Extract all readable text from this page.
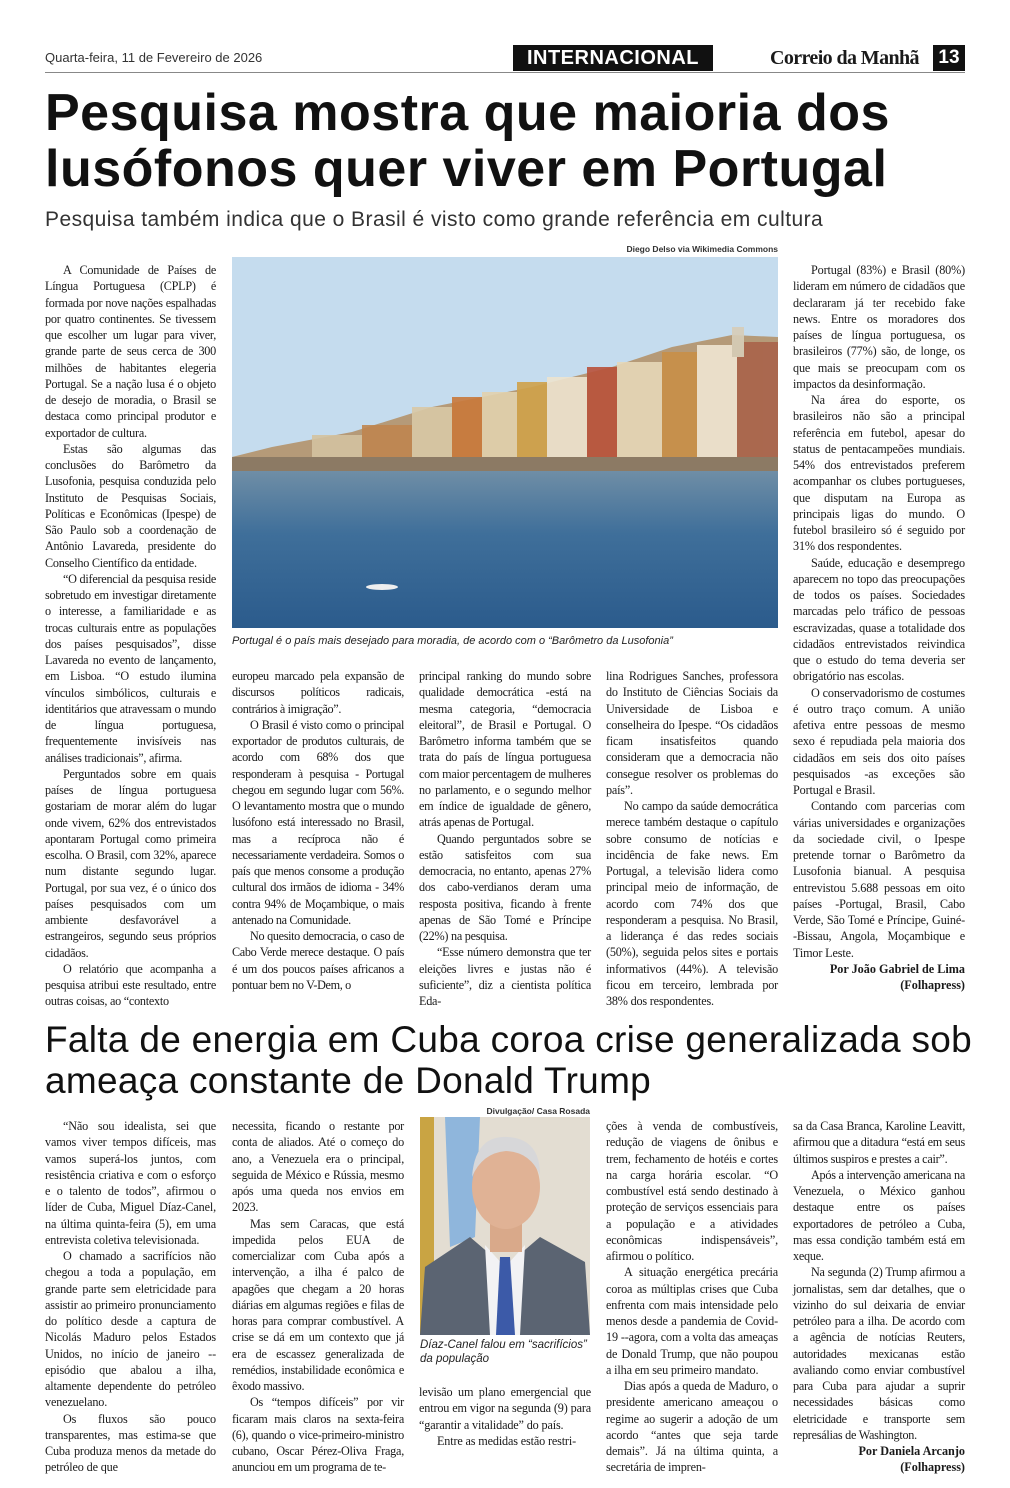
Quarta-feira, 11 de Fevereiro de 2026	INTERNACIONAL	Correio da Manhã 13
Pesquisa mostra que maioria dos lusófonos quer viver em Portugal
Pesquisa também indica que o Brasil é visto como grande referência em cultura
Diego Delso via Wikimedia Commons
Portugal é o país mais desejado para moradia, de acordo com o “Barômetro da Lusofonia”

A Comunidade de Países de Língua Portuguesa (CPLP) é formada por nove nações espalhadas por quatro continentes. Se tivessem que escolher um lugar para viver, grande parte de seus cerca de 300 milhões de habitantes elegeria Portugal. Se a nação lusa é o objeto de desejo de moradia, o Brasil se destaca como principal produtor e exportador de cultura.

Estas são algumas das conclusões do Barômetro da Lusofonia, pesquisa conduzida pelo Instituto de Pesquisas Sociais, Políticas e Econômicas (Ipespe) de São Paulo sob a coordenação de Antônio Lavareda, presidente do Conselho Científico da entidade.

“O diferencial da pesquisa reside sobretudo em investigar diretamente o interesse, a familiaridade e as trocas culturais entre as populações dos países pesquisados”, disse Lavareda no evento de lançamento, em Lisboa. “O estudo ilumina vínculos simbólicos, culturais e identitários que atravessam o mundo de língua portuguesa, frequentemente invisíveis nas análises tradicionais”, afirma.

Perguntados sobre em quais países de língua portuguesa gostariam de morar além do lugar onde vivem, 62% dos entrevistados apontaram Portugal como primeira escolha. O Brasil, com 32%, aparece num distante segundo lugar. Portugal, por sua vez, é o único dos países pesquisados com um ambiente desfavorável a estrangeiros, segundo seus próprios cidadãos.

O relatório que acompanha a pesquisa atribui este resultado, entre outras coisas, ao “contexto

europeu marcado pela expansão de discursos políticos radicais, contrários à imigração”.

O Brasil é visto como o principal exportador de produtos culturais, de acordo com 68% dos que responderam à pesquisa - Portugal chegou em segundo lugar com 56%. O levantamento mostra que o mundo lusófono está interessado no Brasil, mas a recíproca não é necessariamente verdadeira. Somos o país que menos consome a produção cultural dos irmãos de idioma - 34% contra 94% de Moçambique, o mais antenado na Comunidade.

No quesito democracia, o caso de Cabo Verde merece destaque. O país é um dos poucos países africanos a pontuar bem no V-Dem, o

principal ranking do mundo sobre qualidade democrática -está na mesma categoria, “democracia eleitoral”, de Brasil e Portugal. O Barômetro informa também que se trata do país de língua portuguesa com maior percentagem de mulheres no parlamento, e o segundo melhor em índice de igualdade de gênero, atrás apenas de Portugal.

Quando perguntados sobre se estão satisfeitos com sua democracia, no entanto, apenas 27% dos cabo-verdianos deram uma resposta positiva, ficando à frente apenas de São Tomé e Príncipe (22%) na pesquisa.

“Esse número demonstra que ter eleições livres e justas não é suficiente”, diz a cientista política Eda-

lina Rodrigues Sanches, professora do Instituto de Ciências Sociais da Universidade de Lisboa e conselheira do Ipespe. “Os cidadãos ficam insatisfeitos quando consideram que a democracia não consegue resolver os problemas do país”.

No campo da saúde democrática merece também destaque o capítulo sobre consumo de notícias e incidência de fake news. Em Portugal, a televisão lidera como principal meio de informação, de acordo com 74% dos que responderam a pesquisa. No Brasil, a liderança é das redes sociais (50%), seguida pelos sites e portais informativos (44%). A televisão ficou em terceiro, lembrada por 38% dos respondentes.

Portugal (83%) e Brasil (80%) lideram em número de cidadãos que declararam já ter recebido fake news. Entre os moradores dos países de língua portuguesa, os brasileiros (77%) são, de longe, os que mais se preocupam com os impactos da desinformação.

Na área do esporte, os brasileiros não são a principal referência em futebol, apesar do status de pentacampeões mundiais. 54% dos entrevistados preferem acompanhar os clubes portugueses, que disputam na Europa as principais ligas do mundo. O futebol brasileiro só é seguido por 31% dos respondentes.

Saúde, educação e desemprego aparecem no topo das preocupações de todos os países. Sociedades marcadas pelo tráfico de pessoas escravizadas, quase a totalidade dos cidadãos entrevistados reivindica que o estudo do tema deveria ser obrigatório nas escolas.

O conservadorismo de costumes é outro traço comum. A união afetiva entre pessoas de mesmo sexo é repudiada pela maioria dos cidadãos em seis dos oito países pesquisados -as exceções são Portugal e Brasil.

Contando com parcerias com várias universidades e organizações da sociedade civil, o Ipespe pretende tornar o Barômetro da Lusofonia bianual. A pesquisa entrevistou 5.688 pessoas em oito países -Portugal, Brasil, Cabo Verde, São Tomé e Príncipe, Guiné--Bissau, Angola, Moçambique e Timor Leste.

Por João Gabriel de Lima
(Folhapress)
Falta de energia em Cuba coroa crise generalizada sob ameaça constante de Donald Trump
Divulgação/ Casa Rosada
Díaz-Canel falou em “sacrifícios” da população

“Não sou idealista, sei que vamos viver tempos difíceis, mas vamos superá-los juntos, com resistência criativa e com o esforço e o talento de todos”, afirmou o líder de Cuba, Miguel Díaz-Canel, na última quinta-feira (5), em uma entrevista coletiva televisionada.

O chamado a sacrifícios não chegou a toda a população, em grande parte sem eletricidade para assistir ao primeiro pronunciamento do político desde a captura de Nicolás Maduro pelos Estados Unidos, no início de janeiro --episódio que abalou a ilha, altamente dependente do petróleo venezuelano.

Os fluxos são pouco transparentes, mas estima-se que Cuba produza menos da metade do petróleo de que

necessita, ficando o restante por conta de aliados. Até o começo do ano, a Venezuela era o principal, seguida de México e Rússia, mesmo após uma queda nos envios em 2023.

Mas sem Caracas, que está impedida pelos EUA de comercializar com Cuba após a intervenção, a ilha é palco de apagões que chegam a 20 horas diárias em algumas regiões e filas de horas para comprar combustível. A crise se dá em um contexto que já era de escassez generalizada de remédios, instabilidade econômica e êxodo massivo.

Os “tempos difíceis” por vir ficaram mais claros na sexta-feira (6), quando o vice-primeiro-ministro cubano, Oscar Pérez-Oliva Fraga, anunciou em um programa de te-

levisão um plano emergencial que entrou em vigor na segunda (9) para “garantir a vitalidade” do país.

Entre as medidas estão restri-

ções à venda de combustíveis, redução de viagens de ônibus e trem, fechamento de hotéis e cortes na carga horária escolar. “O combustível está sendo destinado à proteção de serviços essenciais para a população e a atividades econômicas indispensáveis”, afirmou o político.

A situação energética precária coroa as múltiplas crises que Cuba enfrenta com mais intensidade pelo menos desde a pandemia de Covid-19 --agora, com a volta das ameaças de Donald Trump, que não poupou a ilha em seu primeiro mandato.

Dias após a queda de Maduro, o presidente americano ameaçou o regime ao sugerir a adoção de um acordo “antes que seja tarde demais”. Já na última quinta, a secretária de impren-

sa da Casa Branca, Karoline Leavitt, afirmou que a ditadura “está em seus últimos suspiros e prestes a cair”.

Após a intervenção americana na Venezuela, o México ganhou destaque entre os países exportadores de petróleo a Cuba, mas essa condição também está em xeque.

Na segunda (2) Trump afirmou a jornalistas, sem dar detalhes, que o vizinho do sul deixaria de enviar petróleo para a ilha. De acordo com a agência de notícias Reuters, autoridades mexicanas estão avaliando como enviar combustível para Cuba para ajudar a suprir necessidades básicas como eletricidade e transporte sem represálias de Washington.

Por Daniela Arcanjo
(Folhapress)
